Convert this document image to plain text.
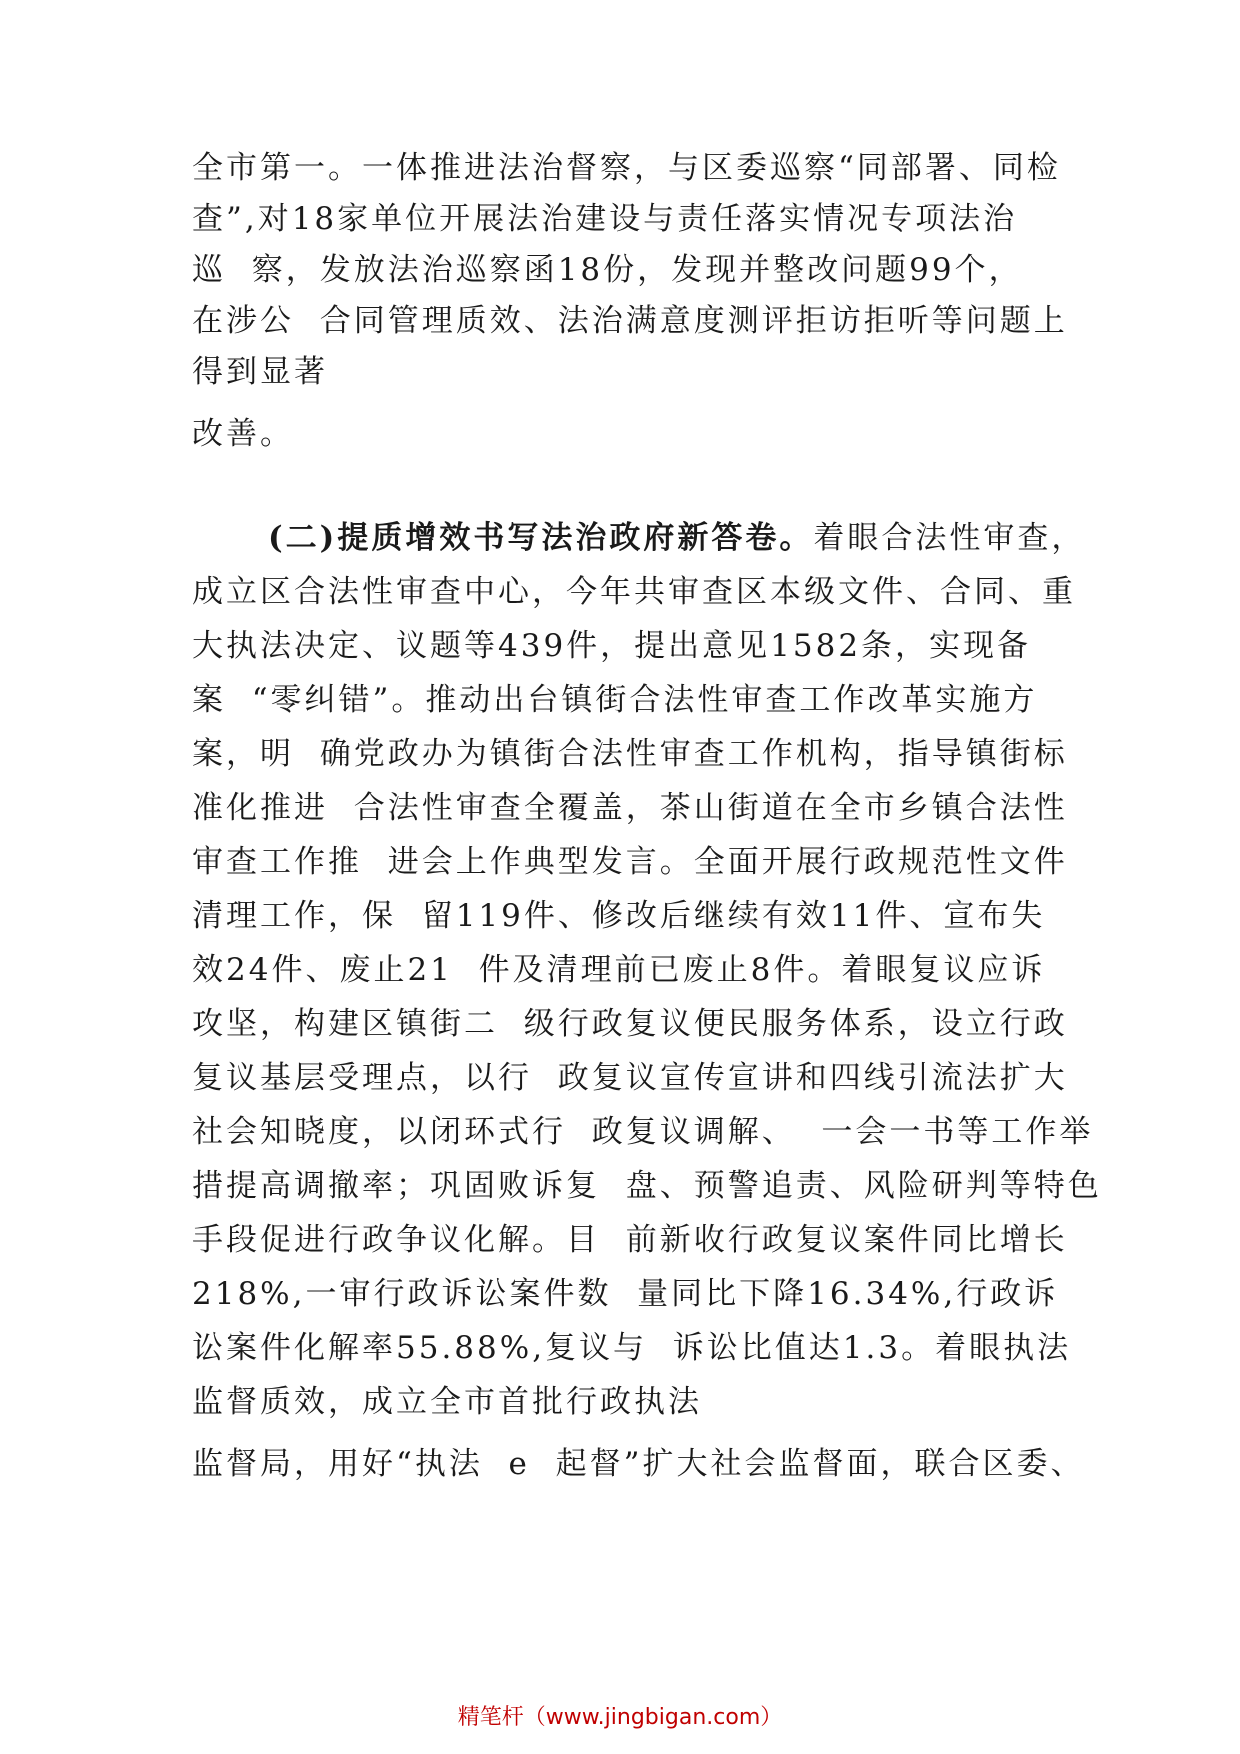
全市第一。一体推进法治督察，与区委巡察“同部署、同检
查”,对18家单位开展法治建设与责任落实情况专项法治
巡  察，发放法治巡察函18份，发现并整改问题99个，
在涉公  合同管理质效、法治满意度测评拒访拒听等问题上
得到显著
改善。
(二)提质增效书写法治政府新答卷。着眼合法性审查，
成立区合法性审查中心，今年共审查区本级文件、合同、重
大执法决定、议题等439件，提出意见1582条，实现备
案  “零纠错”。推动出台镇街合法性审查工作改革实施方
案，明  确党政办为镇街合法性审查工作机构，指导镇街标
准化推进  合法性审查全覆盖，茶山街道在全市乡镇合法性
审查工作推  进会上作典型发言。全面开展行政规范性文件
清理工作，保  留119件、修改后继续有效11件、宣布失
效24件、废止21  件及清理前已废止8件。着眼复议应诉
攻坚，构建区镇街二  级行政复议便民服务体系，设立行政
复议基层受理点，以行  政复议宣传宣讲和四线引流法扩大
社会知晓度，以闭环式行  政复议调解、  一会一书等工作举
措提高调撤率；巩固败诉复  盘、预警追责、风险研判等特色
手段促进行政争议化解。目  前新收行政复议案件同比增长
218%,一审行政诉讼案件数  量同比下降16.34%,行政诉
讼案件化解率55.88%,复议与  诉讼比值达1.3。着眼执法
监督质效，成立全市首批行政执法
监督局，用好“执法  e  起督”扩大社会监督面，联合区委、
精笔杆（www.jingbigan.com）
